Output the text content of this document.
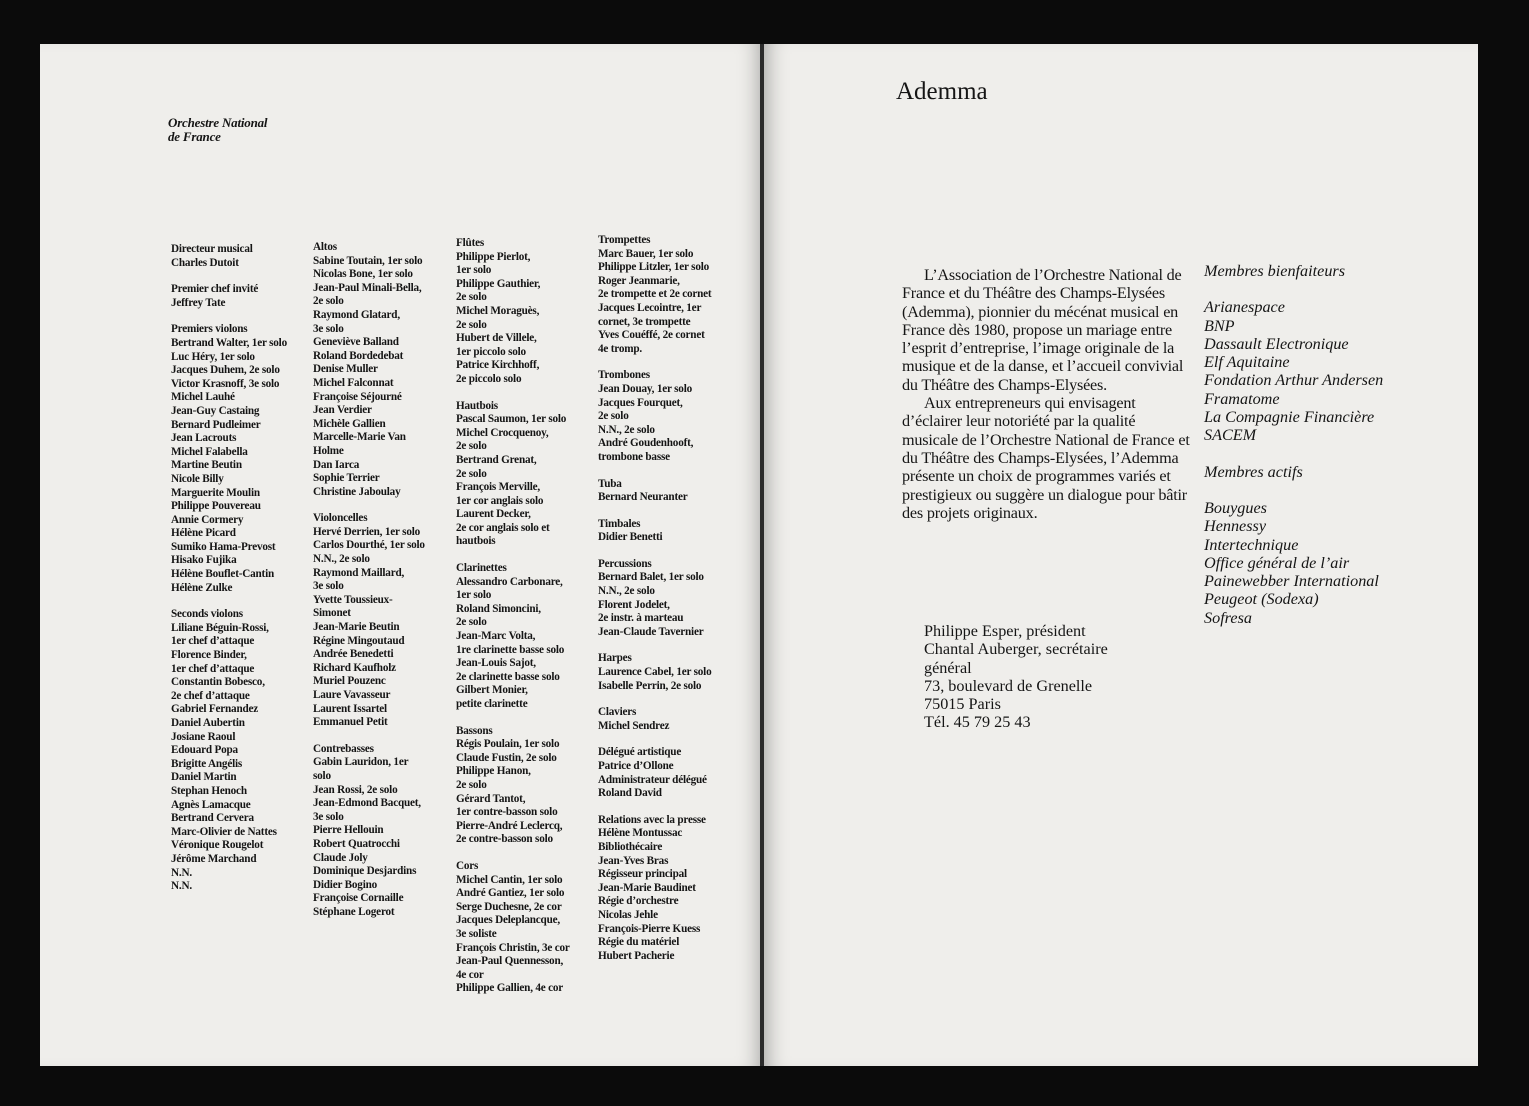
Orchestre National
de France
Directeur musical
Charles Dutoit
Premier chef invité
Jeffrey Tate
Premiers violons
Bertrand Walter, 1er solo
Luc Héry, 1er solo
Jacques Duhem, 2e solo
Victor Krasnoff, 3e solo
Michel Lauhé
Jean-Guy Castaing
Bernard Pudleimer
Jean Lacrouts
Michel Falabella
Martine Beutin
Nicole Billy
Marguerite Moulin
Philippe Pouvereau
Annie Cormery
Hélène Picard
Sumiko Hama-Prevost
Hisako Fujika
Hélène Bouflet-Cantin
Hélène Zulke
Seconds violons
Liliane Béguin-Rossi,
1er chef d’attaque
Florence Binder,
1er chef d’attaque
Constantin Bobesco,
2e chef d’attaque
Gabriel Fernandez
Daniel Aubertin
Josiane Raoul
Edouard Popa
Brigitte Angélis
Daniel Martin
Stephan Henoch
Agnès Lamacque
Bertrand Cervera
Marc-Olivier de Nattes
Véronique Rougelot
Jérôme Marchand
N.N.
N.N.
Altos
Sabine Toutain, 1er solo
Nicolas Bone, 1er solo
Jean-Paul Minali-Bella,
2e solo
Raymond Glatard,
3e solo
Geneviève Balland
Roland Bordedebat
Denise Muller
Michel Falconnat
Françoise Séjourné
Jean Verdier
Michèle Gallien
Marcelle-Marie Van
Holme
Dan Iarca
Sophie Terrier
Christine Jaboulay
Violoncelles
Hervé Derrien, 1er solo
Carlos Dourthé, 1er solo
N.N., 2e solo
Raymond Maillard,
3e solo
Yvette Toussieux-
Simonet
Jean-Marie Beutin
Régine Mingoutaud
Andrée Benedetti
Richard Kaufholz
Muriel Pouzenc
Laure Vavasseur
Laurent Issartel
Emmanuel Petit
Contrebasses
Gabin Lauridon, 1er
solo
Jean Rossi, 2e solo
Jean-Edmond Bacquet,
3e solo
Pierre Hellouin
Robert Quatrocchi
Claude Joly
Dominique Desjardins
Didier Bogino
Françoise Cornaille
Stéphane Logerot
Flûtes
Philippe Pierlot,
1er solo
Philippe Gauthier,
2e solo
Michel Moraguès,
2e solo
Hubert de Villele,
1er piccolo solo
Patrice Kirchhoff,
2e piccolo solo
Hautbois
Pascal Saumon, 1er solo
Michel Crocquenoy,
2e solo
Bertrand Grenat,
2e solo
François Merville,
1er cor anglais solo
Laurent Decker,
2e cor anglais solo et
hautbois
Clarinettes
Alessandro Carbonare,
1er solo
Roland Simoncini,
2e solo
Jean-Marc Volta,
1re clarinette basse solo
Jean-Louis Sajot,
2e clarinette basse solo
Gilbert Monier,
petite clarinette
Bassons
Régis Poulain, 1er solo
Claude Fustin, 2e solo
Philippe Hanon,
2e solo
Gérard Tantot,
1er contre-basson solo
Pierre-André Leclercq,
2e contre-basson solo
Cors
Michel Cantin, 1er solo
André Gantiez, 1er solo
Serge Duchesne, 2e cor
Jacques Deleplancque,
3e soliste
François Christin, 3e cor
Jean-Paul Quennesson,
4e cor
Philippe Gallien, 4e cor
Trompettes
Marc Bauer, 1er solo
Philippe Litzler, 1er solo
Roger Jeanmarie,
2e trompette et 2e cornet
Jacques Lecointre, 1er
cornet, 3e trompette
Yves Couéffé, 2e cornet
4e tromp.
Trombones
Jean Douay, 1er solo
Jacques Fourquet,
2e solo
N.N., 2e solo
André Goudenhooft,
trombone basse
Tuba
Bernard Neuranter
Timbales
Didier Benetti
Percussions
Bernard Balet, 1er solo
N.N., 2e solo
Florent Jodelet,
2e instr. à marteau
Jean-Claude Tavernier
Harpes
Laurence Cabel, 1er solo
Isabelle Perrin, 2e solo
Claviers
Michel Sendrez
Délégué artistique
Patrice d’Ollone
Administrateur délégué
Roland David
Relations avec la presse
Hélène Montussac
Bibliothécaire
Jean-Yves Bras
Régisseur principal
Jean-Marie Baudinet
Régie d’orchestre
Nicolas Jehle
François-Pierre Kuess
Régie du matériel
Hubert Pacherie
Ademma

L’Association de l’Orchestre National de France et du Théâtre des Champs-Elysées (Ademma), pionnier du mécénat musical en France dès 1980, propose un mariage entre l’esprit d’entreprise, l’image originale de la musique et de la danse, et l’accueil convivial du Théâtre des Champs-Elysées.

Aux entrepreneurs qui envisagent d’éclairer leur notoriété par la qualité musicale de l’Orchestre National de France et du Théâtre des Champs-Elysées, l’Ademma présente un choix de programmes variés et prestigieux ou suggère un dialogue pour bâtir des projets originaux.

Philippe Esper, président
Chantal Auberger, secrétaire
général
73, boulevard de Grenelle
75015 Paris
Tél. 45 79 25 43
Membres bienfaiteurs
Arianespace
BNP
Dassault Electronique
Elf Aquitaine
Fondation Arthur Andersen
Framatome
La Compagnie Financière
SACEM
Membres actifs
Bouygues
Hennessy
Intertechnique
Office général de l’air
Painewebber International
Peugeot (Sodexa)
Sofresa
